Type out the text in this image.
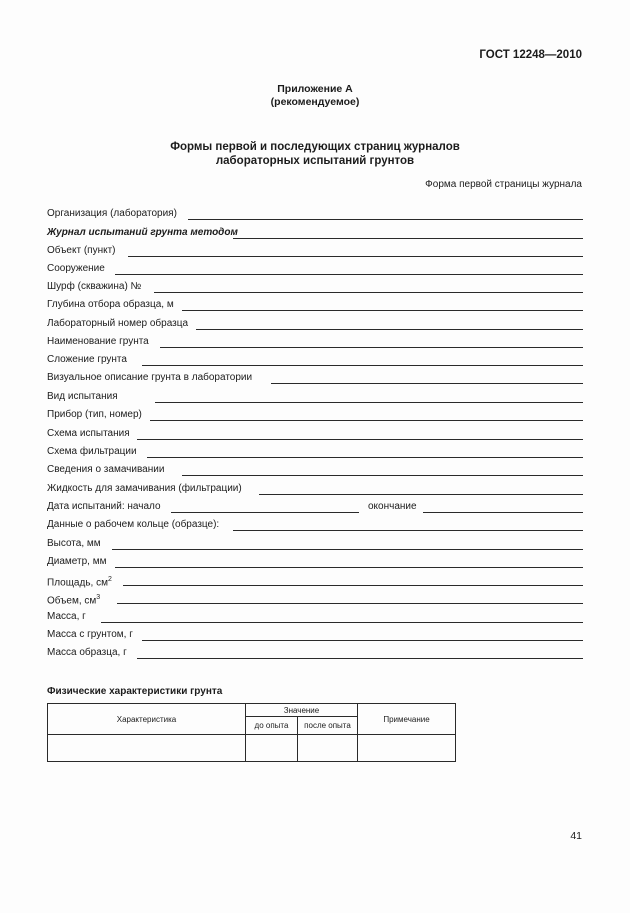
ГОСТ 12248—2010
Приложение А
(рекомендуемое)
Формы первой и последующих страниц журналов
лабораторных испытаний грунтов
Форма первой страницы журнала
Организация (лаборатория)
Журнал испытаний грунта методом
Объект (пункт)
Сооружение
Шурф (скважина) №
Глубина отбора образца, м
Лабораторный номер образца
Наименование грунта
Сложение грунта
Визуальное описание грунта в лаборатории
Вид испытания
Прибор (тип, номер)
Схема испытания
Схема фильтрации
Сведения о замачивании
Жидкость для замачивания (фильтрации)
Дата испытаний: начало	окончание
Данные о рабочем кольце (образце):
Высота, мм
Диаметр, мм
Площадь, $см^2$
Объем, $см^3$
Масса, г
Масса с грунтом, г
Масса образца, г
Физические характеристики грунта
Характеристика	Значение		Примечание
	до опыта	после опыта	

41
